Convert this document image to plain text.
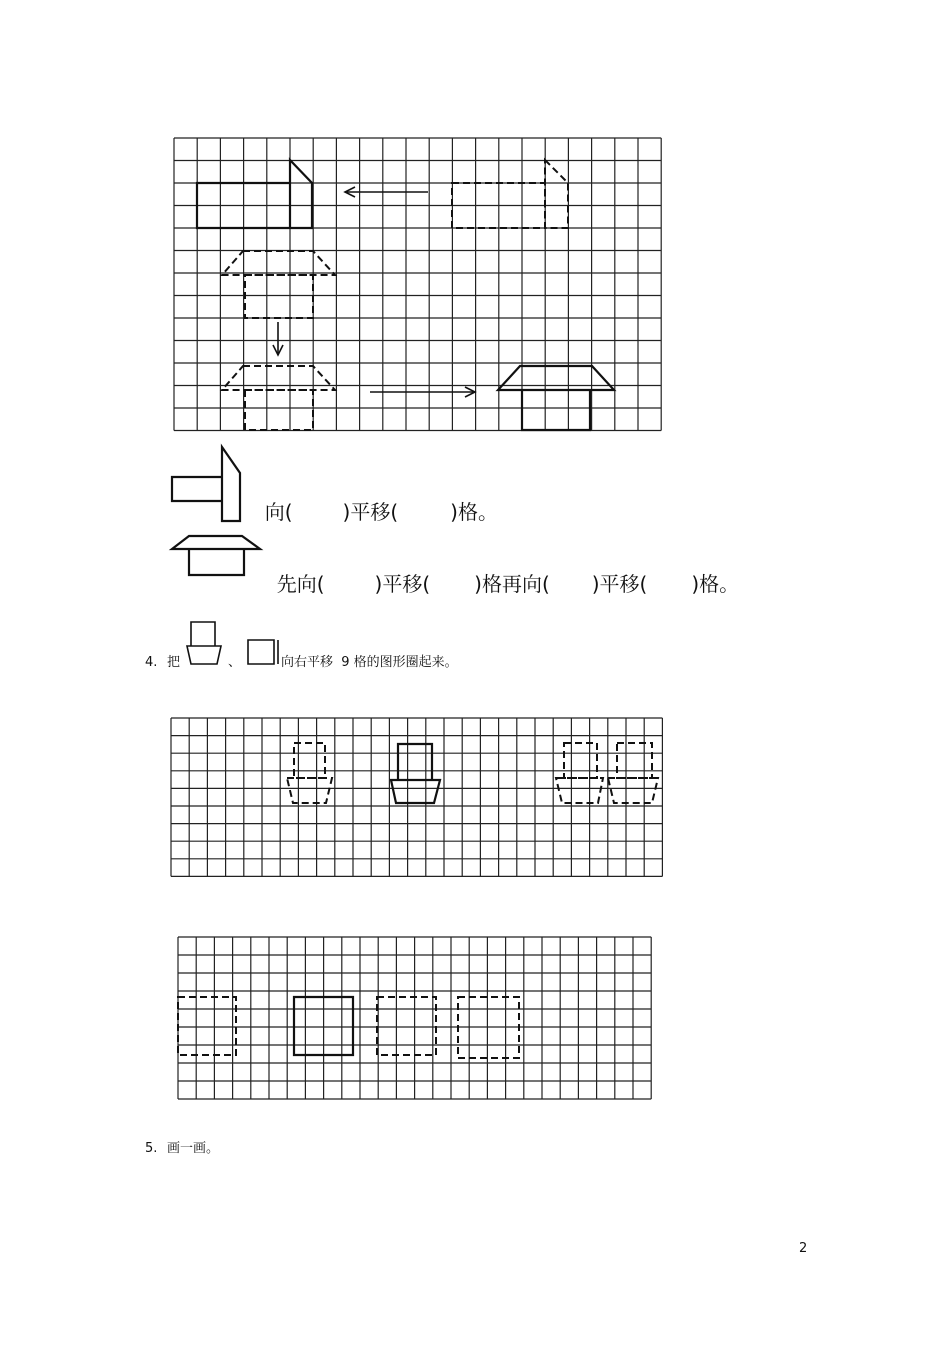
向(	)平移(	)格。

先向(	)平移( )格再向( )平移( )格。

4. 把	、	向右平移  9 格的图形圈起来。
5. 画一画。
2
